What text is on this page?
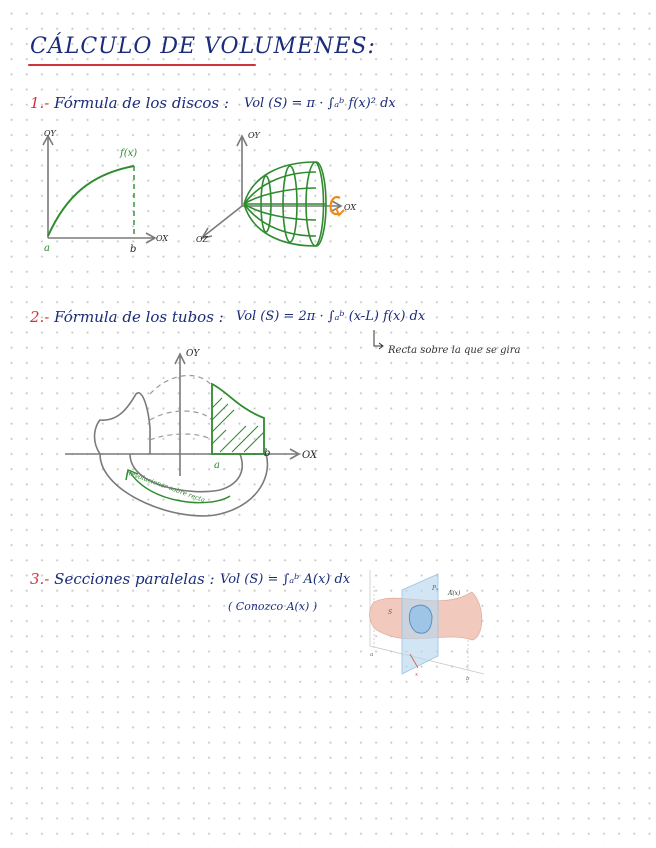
CÁLCULO DE VOLUMENES:
1.- Fórmula de los discos : Vol (S) = π · ∫ₐᵇ f(x)² dx
OY
OX
f(x)
a	b
OY
OX
OZ
2.- Fórmula de los tubos : Vol (S) = 2π · ∫ₐᵇ (x-L) f(x) dx
Recta sobre la que se gira
OY
OX
a
b
Revolucionar sobre recta
3.- Secciones paralelas : Vol (S) = ∫ₐᵇ A(x) dx
( Conozco A(x) )	S
Pₓ
A(x)
a
x
b
